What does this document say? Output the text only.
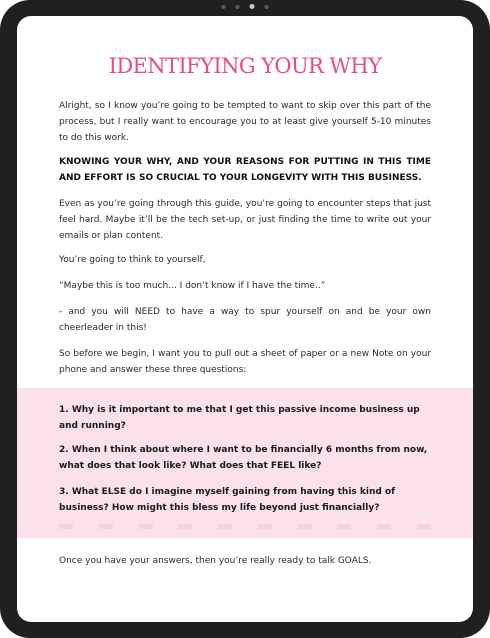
IDENTIFYING YOUR WHY

Alright, so I know you’re going to be tempted to want to skip over this part of the process, but I really want to encourage you to at least give yourself 5-10 minutes to do this work.

KNOWING YOUR WHY, AND YOUR REASONS FOR PUTTING IN THIS TIME AND EFFORT IS SO CRUCIAL TO YOUR LONGEVITY WITH THIS BUSINESS.

Even as you’re going through this guide, you’re going to encounter steps that just feel hard. Maybe it’ll be the tech set-up, or just finding the time to write out your emails or plan content.

You’re going to think to yourself,

“Maybe this is too much... I don’t know if I have the time..”

- and you will NEED to have a way to spur yourself on and be your own cheerleader in this!

So before we begin, I want you to pull out a sheet of paper or a new Note on your phone and answer these three questions:

1. Why is it important to me that I get this passive income business up and running?

2. When I think about where I want to be financially 6 months from now, what does that look like? What does that FEEL like?

3. What ELSE do I imagine myself gaining from having this kind of business? How might this bless my life beyond just financially?

Once you have your answers, then you’re really ready to talk GOALS.
